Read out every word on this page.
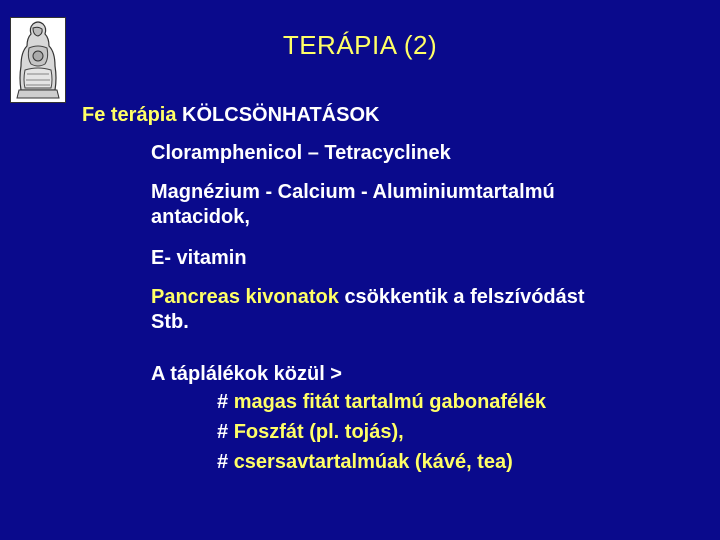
TERÁPIA (2)
Fe terápia KÖLCSÖNHATÁSOK
Cloramphenicol – Tetracyclinek
Magnézium - Calcium - Aluminiumtartalmú
antacidok,
E- vitamin
Pancreas kivonatok csökkentik a felszívódást
Stb.
A táplálékok közül >
# magas fitát tartalmú gabonafélék
# Foszfát (pl. tojás),
# csersavtartalmúak (kávé, tea)
